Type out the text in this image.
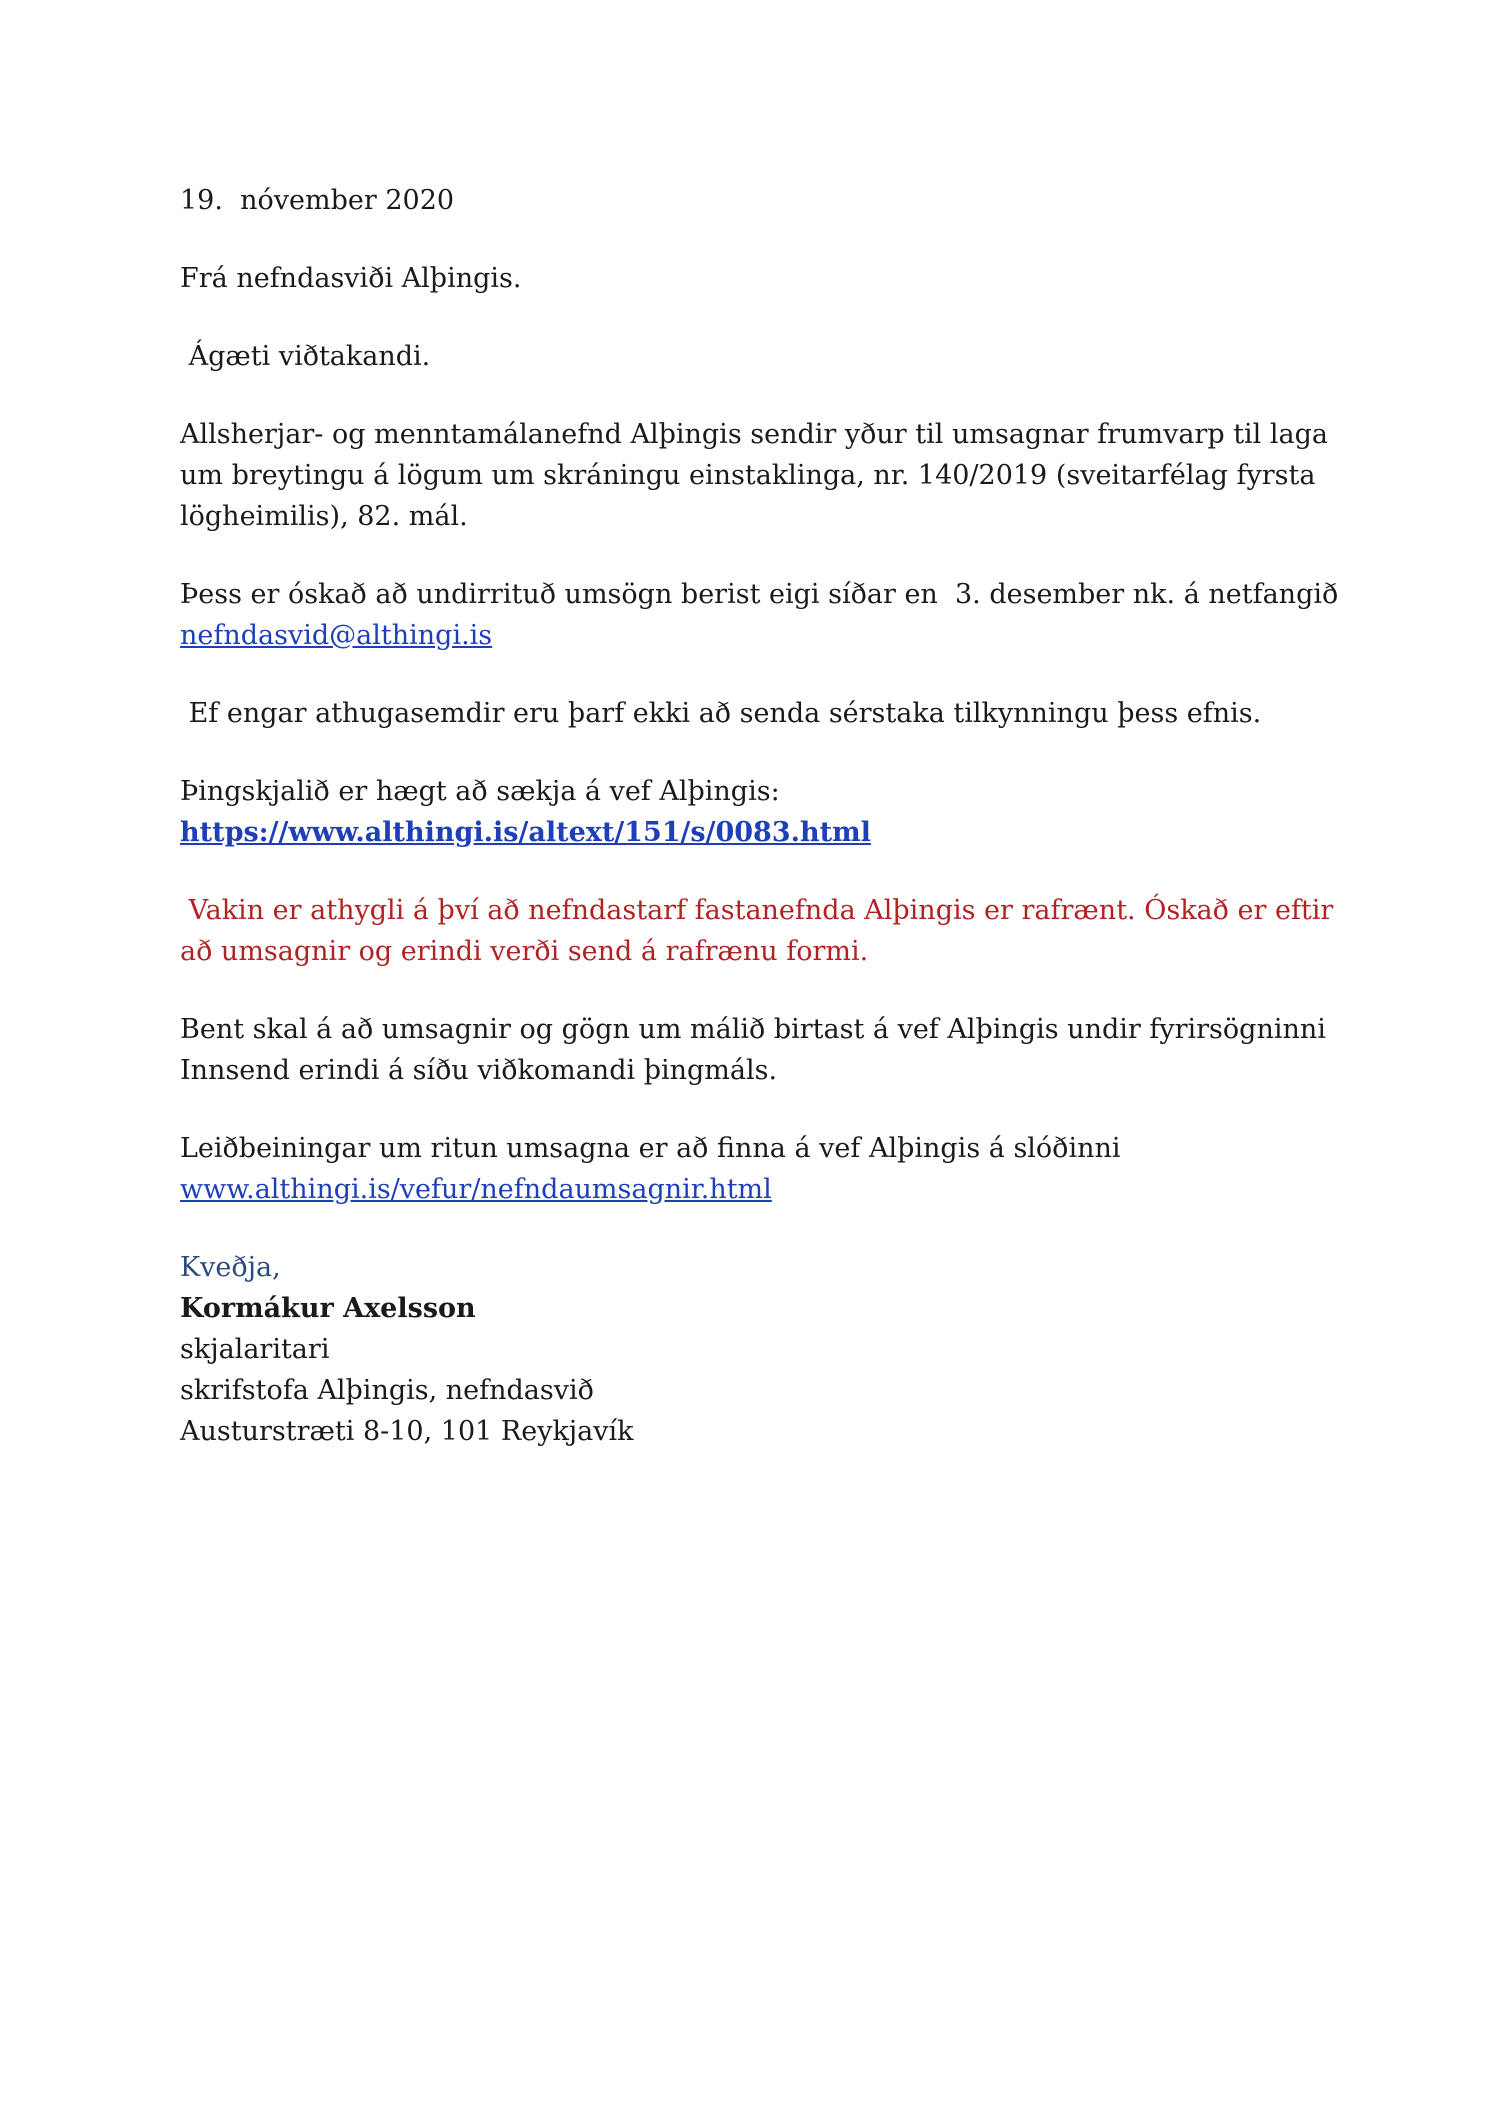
19.  nóvember 2020

Frá nefndasviði Alþingis.

Ágæti viðtakandi.

Allsherjar- og menntamálanefnd Alþingis sendir yður til umsagnar frumvarp til laga
um breytingu á lögum um skráningu einstaklinga, nr. 140/2019 (sveitarfélag fyrsta
lögheimilis), 82. mál.

Þess er óskað að undirrituð umsögn berist eigi síðar en  3. desember nk. á netfangið
nefndasvid@althingi.is

Ef engar athugasemdir eru þarf ekki að senda sérstaka tilkynningu þess efnis.

Þingskjalið er hægt að sækja á vef Alþingis:
https://www.althingi.is/altext/151/s/0083.html

Vakin er athygli á því að nefndastarf fastanefnda Alþingis er rafrænt. Óskað er eftir
að umsagnir og erindi verði send á rafrænu formi.

Bent skal á að umsagnir og gögn um málið birtast á vef Alþingis undir fyrirsögninni
Innsend erindi á síðu viðkomandi þingmáls.

Leiðbeiningar um ritun umsagna er að finna á vef Alþingis á slóðinni
www.althingi.is/vefur/nefndaumsagnir.html

Kveðja,
Kormákur Axelsson
skjalaritari
skrifstofa Alþingis, nefndasvið
Austurstræti 8-10, 101 Reykjavík
